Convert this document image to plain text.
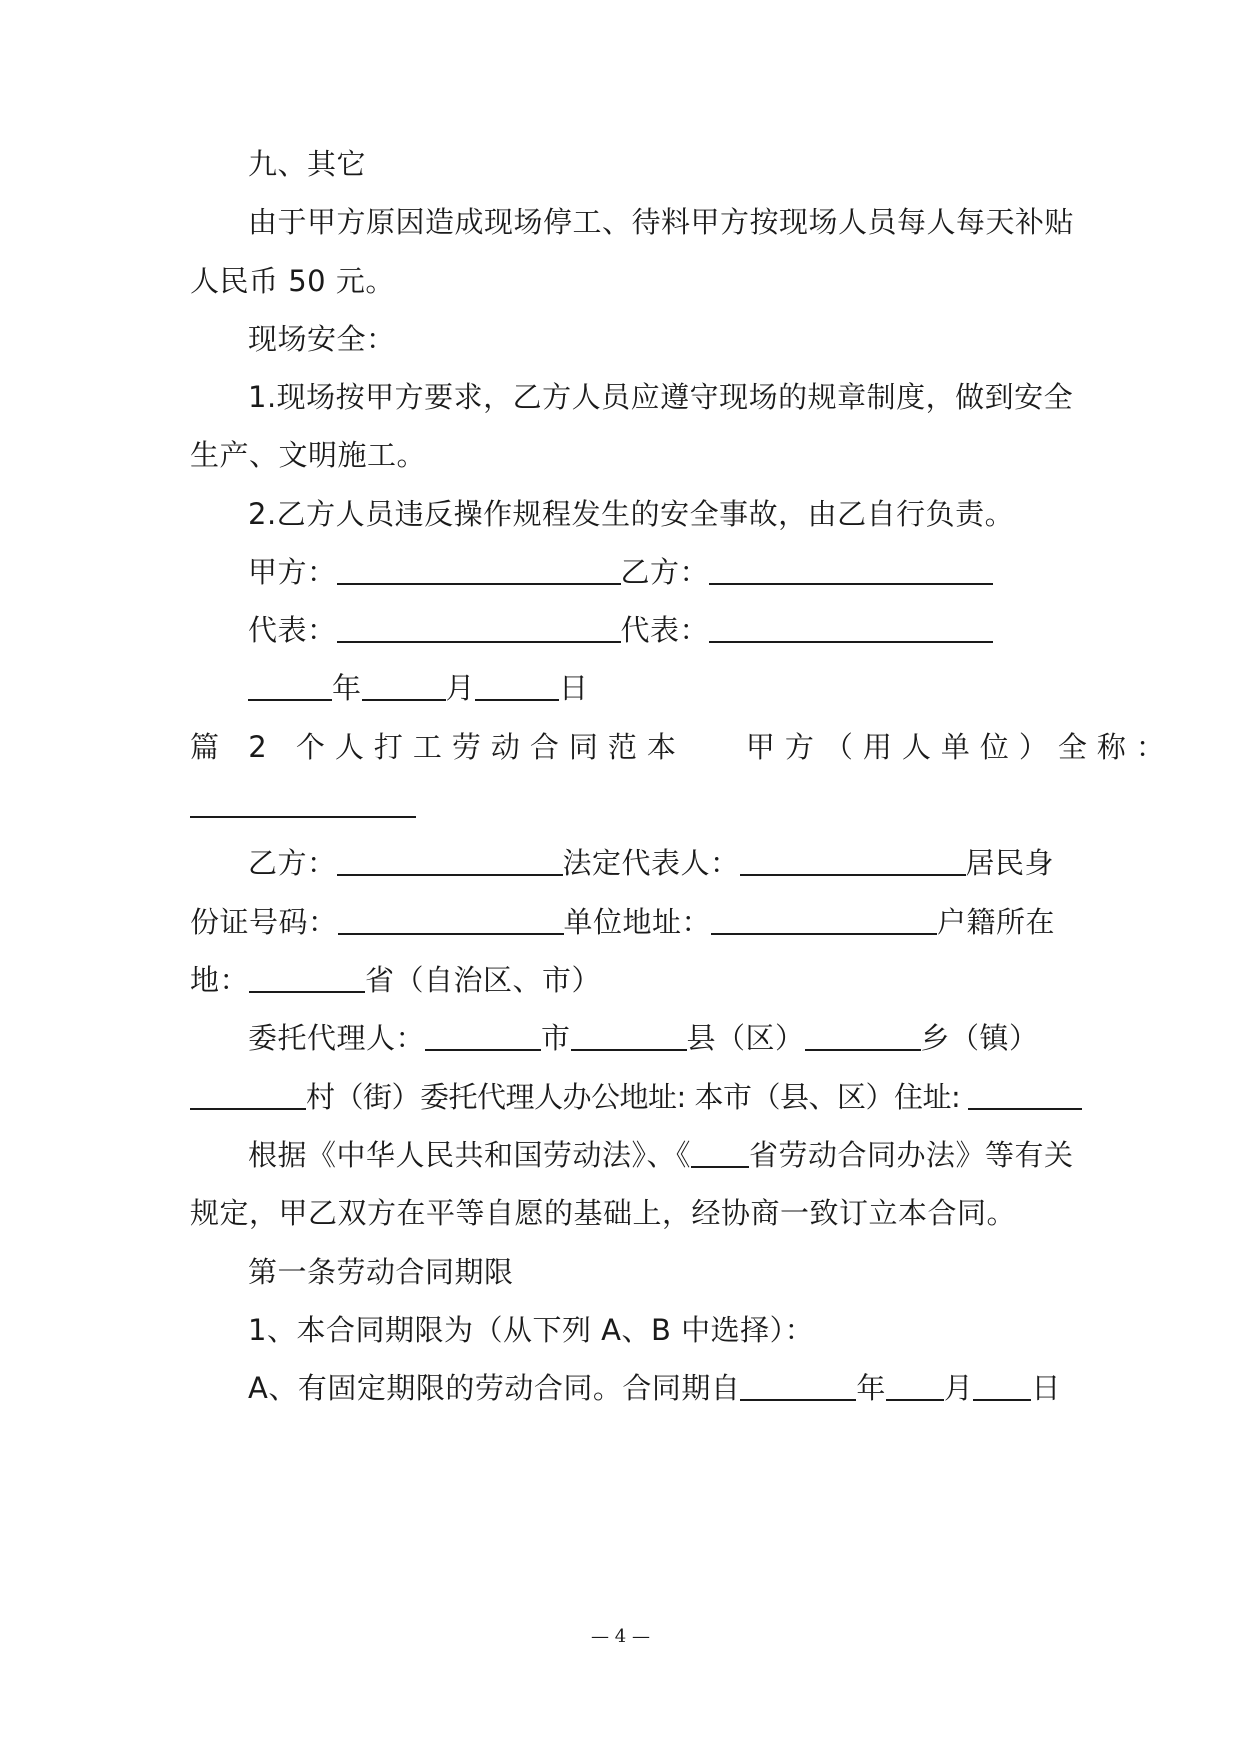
九、其它
由于甲方原因造成现场停工、待料甲方按现场人员每人每天补贴
人民币 50 元。
现场安全：
1.现场按甲方要求，乙方人员应遵守现场的规章制度，做到安全
生产、文明施工。
2.乙方人员违反操作规程发生的安全事故，由乙自行负责。
甲方：	乙方：
代表：	代表：
年	月	日
篇 2 个人打工劳动合同范本 甲方（用人单位）全称：
乙方：	法定代表人：	居民身
份证号码：	单位地址：	户籍所在
地：	省（自治区、市）
委托代理人：	市	县（区）	乡（镇）
村（街）委托代理人办公地址: 本市（县、区）住址:
根据《中华人民共和国劳动法》、《 省劳动合同办法》等有关
规定，甲乙双方在平等自愿的基础上，经协商一致订立本合同。
第一条劳动合同期限
1、本合同期限为（从下列 A、B 中选择）：
A、有固定期限的劳动合同。合同期自	年 月 日
— 4 —
